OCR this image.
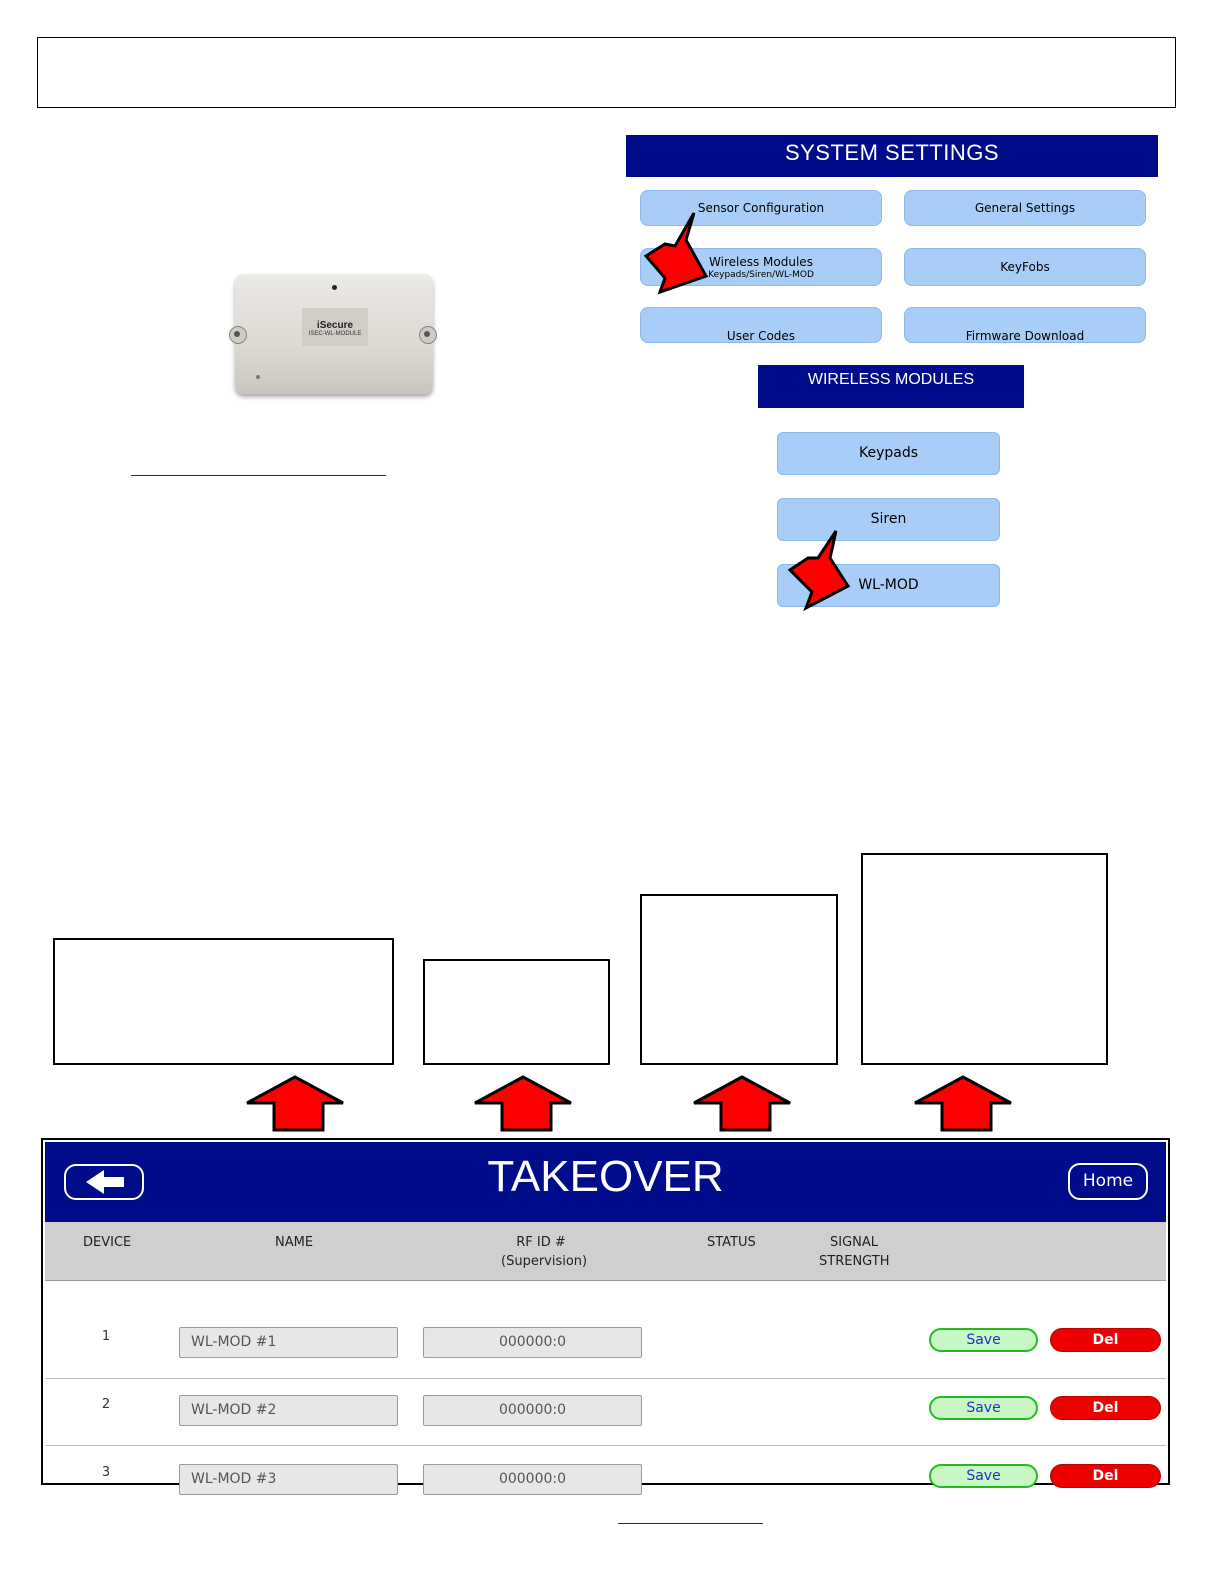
iSecure
ISEC-WL-MODULE
SYSTEM SETTINGS
Sensor Configuration	General Settings
Wireless Modules
Keypads/Siren/WL-MOD
KeyFobs
User Codes	Firmware Download
WIRELESS MODULES
Keypads
Siren
WL-MOD
TAKEOVER	Home
DEVICE	NAME	RF ID #
(Supervision)
STATUS	SIGNAL
STRENGTH
1	WL-MOD #1	000000:0	Save	Del
2	WL-MOD #2	000000:0	Save	Del
3	WL-MOD #3	000000:0	Save	Del
